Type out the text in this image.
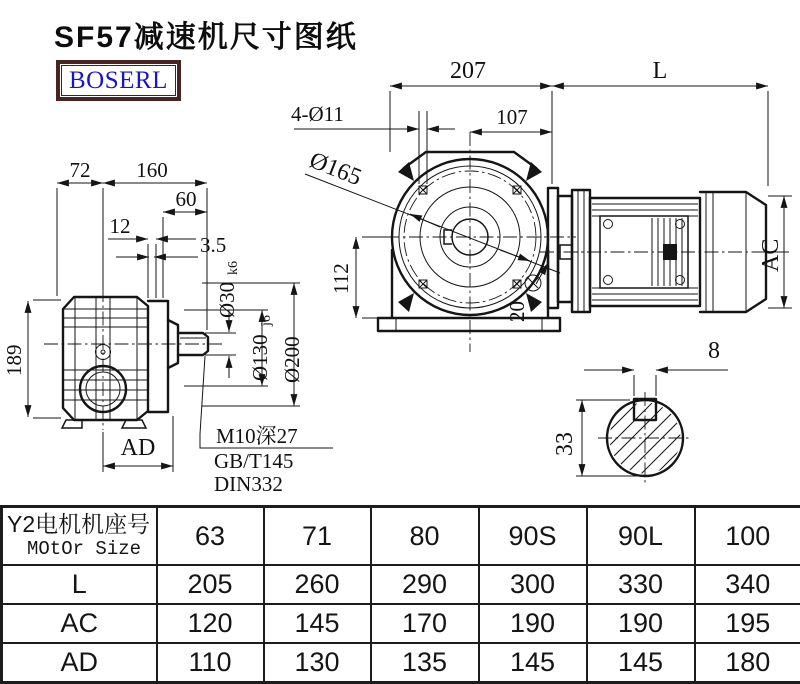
SF57减速机尺寸图纸
BOSERL
189
72 160
60
12
3.5
Ø30
k6
Ø130
j6
Ø200
AD	M10深27
GB/T145
DIN332
207	L
107
4-Ø11
Ø165
112
20
AC
8
33
Y2电机机座号
MOtOr Size	63	71	80	90S	90L	100
L	205	260	290	300	330	340
AC	120	145	170	190	190	195
AD	110	130	135	145	145	180
